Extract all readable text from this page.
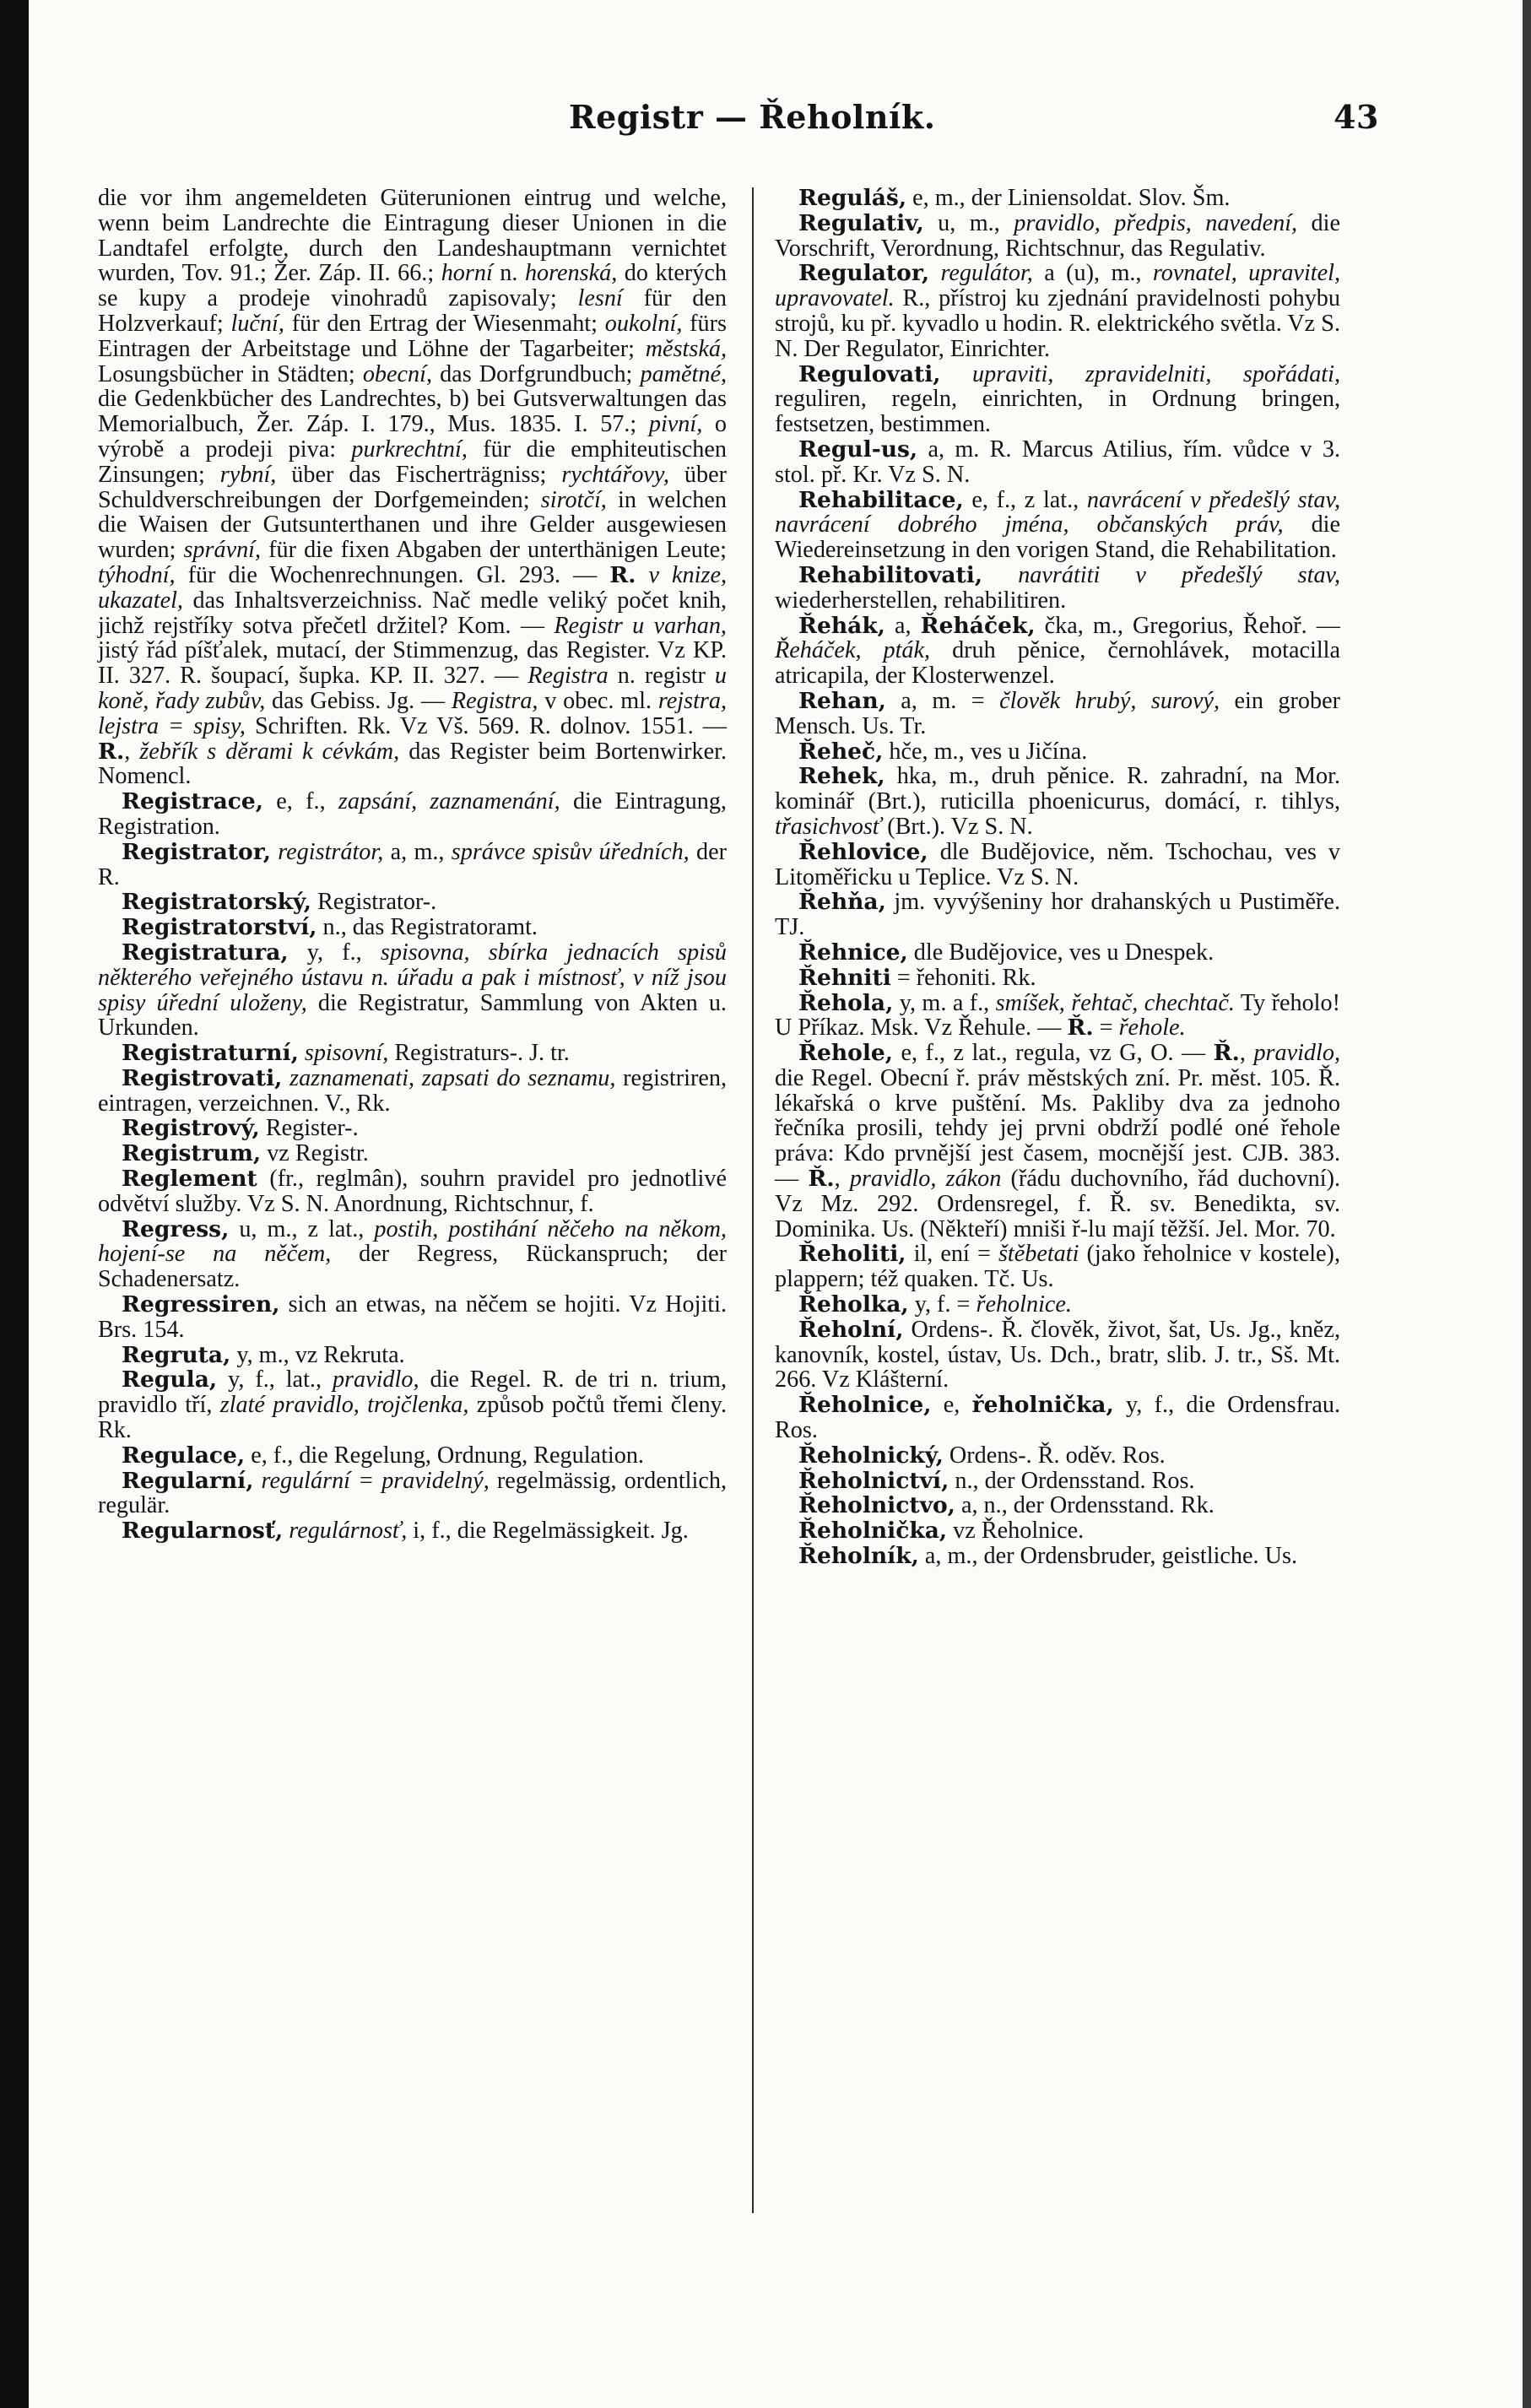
Registr — Řeholník.	43

die vor ihm angemeldeten Güterunionen eintrug und welche, wenn beim Landrechte die Eintragung dieser Unionen in die Landtafel erfolgte, durch den Landeshauptmann vernichtet wurden, Tov. 91.; Žer. Záp. II. 66.; horní n. horenská, do kterých se kupy a prodeje vinohradů zapisovaly; lesní für den Holzverkauf; luční, für den Ertrag der Wiesenmaht; oukolní, fürs Eintragen der Arbeitstage und Löhne der Tagarbeiter; městská, Losungsbücher in Städten; obecní, das Dorfgrundbuch; pamětné, die Gedenkbücher des Landrechtes, b) bei Gutsverwaltungen das Memorialbuch, Žer. Záp. I. 179., Mus. 1835. I. 57.; pivní, o výrobě a prodeji piva: purkrechtní, für die emphiteutischen Zinsungen; rybní, über das Fischerträgniss; rychtářovy, über Schuldverschreibungen der Dorfgemeinden; sirotčí, in welchen die Waisen der Gutsunterthanen und ihre Gelder ausgewiesen wurden; správní, für die fixen Abgaben der unterthänigen Leute; týhodní, für die Wochenrechnungen. Gl. 293. — R. v knize, ukazatel, das Inhaltsverzeichniss. Nač medle veliký počet knih, jichž rejstříky sotva přečetl držitel? Kom. — Registr u varhan, jistý řád píšťalek, mutací, der Stimmenzug, das Register. Vz KP. II. 327. R. šoupací, šupka. KP. II. 327. — Registra n. registr u koně, řady zubův, das Gebiss. Jg. — Registra, v obec. ml. rejstra, lejstra = spisy, Schriften. Rk. Vz Vš. 569. R. dolnov. 1551. — R., žebřík s děrami k cévkám, das Register beim Bortenwirker. Nomencl.

Registrace, e, f., zapsání, zaznamenání, die Eintragung, Registration.

Registrator, registrátor, a, m., správce spisův úředních, der R.

Registratorský, Registrator-.

Registratorství, n., das Registratoramt.

Registratura, y, f., spisovna, sbírka jednacích spisů některého veřejného ústavu n. úřadu a pak i místnosť, v níž jsou spisy úřední uloženy, die Registratur, Sammlung von Akten u. Urkunden.

Registraturní, spisovní, Registraturs-. J. tr.

Registrovati, zaznamenati, zapsati do seznamu, registriren, eintragen, verzeichnen. V., Rk.

Registrový, Register-.

Registrum, vz Registr.

Reglement (fr., reglmân), souhrn pravidel pro jednotlivé odvětví služby. Vz S. N. Anordnung, Richtschnur, f.

Regress, u, m., z lat., postih, postihání něčeho na někom, hojení-se na něčem, der Regress, Rückanspruch; der Schadenersatz.

Regressiren, sich an etwas, na něčem se hojiti. Vz Hojiti. Brs. 154.

Regruta, y, m., vz Rekruta.

Regula, y, f., lat., pravidlo, die Regel. R. de tri n. trium, pravidlo tří, zlaté pravidlo, trojčlenka, způsob počtů třemi členy. Rk.

Regulace, e, f., die Regelung, Ordnung, Regulation.

Regularní, regulární = pravidelný, regelmässig, ordentlich, regulär.

Regularnosť, regulárnosť, i, f., die Regelmässigkeit. Jg.

Reguláš, e, m., der Liniensoldat. Slov. Šm.

Regulativ, u, m., pravidlo, předpis, navedení, die Vorschrift, Verordnung, Richtschnur, das Regulativ.

Regulator, regulátor, a (u), m., rovnatel, upravitel, upravovatel. R., přístroj ku zjednání pravidelnosti pohybu strojů, ku př. kyvadlo u hodin. R. elektrického světla. Vz S. N. Der Regulator, Einrichter.

Regulovati, upraviti, zpravidelniti, spořádati, reguliren, regeln, einrichten, in Ordnung bringen, festsetzen, bestimmen.

Regul-us, a, m. R. Marcus Atilius, řím. vůdce v 3. stol. př. Kr. Vz S. N.

Rehabilitace, e, f., z lat., navrácení v předešlý stav, navrácení dobrého jména, občanských práv, die Wiedereinsetzung in den vorigen Stand, die Rehabilitation.

Rehabilitovati, navrátiti v předešlý stav, wiederherstellen, rehabilitiren.

Řehák, a, Řeháček, čka, m., Gregorius, Řehoř. — Řeháček, pták, druh pěnice, černohlávek, motacilla atricapila, der Klosterwenzel.

Rehan, a, m. = člověk hrubý, surový, ein grober Mensch. Us. Tr.

Řeheč, hče, m., ves u Jičína.

Rehek, hka, m., druh pěnice. R. zahradní, na Mor. kominář (Brt.), ruticilla phoenicurus, domácí, r. tihlys, třasichvosť (Brt.). Vz S. N.

Řehlovice, dle Budějovice, něm. Tschochau, ves v Litoměřicku u Teplice. Vz S. N.

Řehňa, jm. vyvýšeniny hor drahanských u Pustiměře. TJ.

Řehnice, dle Budějovice, ves u Dnespek.

Řehniti = řehoniti. Rk.

Řehola, y, m. a f., smíšek, řehtač, chechtač. Ty řeholo! U Příkaz. Msk. Vz Řehule. — Ř. = řehole.

Řehole, e, f., z lat., regula, vz G, O. — Ř., pravidlo, die Regel. Obecní ř. práv městských zní. Pr. měst. 105. Ř. lékařská o krve puštění. Ms. Pakliby dva za jednoho řečníka prosili, tehdy jej prvni obdrží podlé oné řehole práva: Kdo prvnější jest časem, mocnější jest. CJB. 383. — Ř., pravidlo, zákon (řádu duchovního, řád duchovní). Vz Mz. 292. Ordensregel, f. Ř. sv. Benedikta, sv. Dominika. Us. (Někteří) mniši ř-lu mají těžší. Jel. Mor. 70.

Řeholiti, il, ení = štěbetati (jako řeholnice v kostele), plappern; též quaken. Tč. Us.

Řeholka, y, f. = řeholnice.

Řeholní, Ordens-. Ř. člověk, život, šat, Us. Jg., kněz, kanovník, kostel, ústav, Us. Dch., bratr, slib. J. tr., Sš. Mt. 266. Vz Klášterní.

Řeholnice, e, řeholnička, y, f., die Ordensfrau. Ros.

Řeholnický, Ordens-. Ř. oděv. Ros.

Řeholnictví, n., der Ordensstand. Ros.

Řeholnictvo, a, n., der Ordensstand. Rk.

Řeholnička, vz Řeholnice.

Řeholník, a, m., der Ordensbruder, geistliche. Us.
